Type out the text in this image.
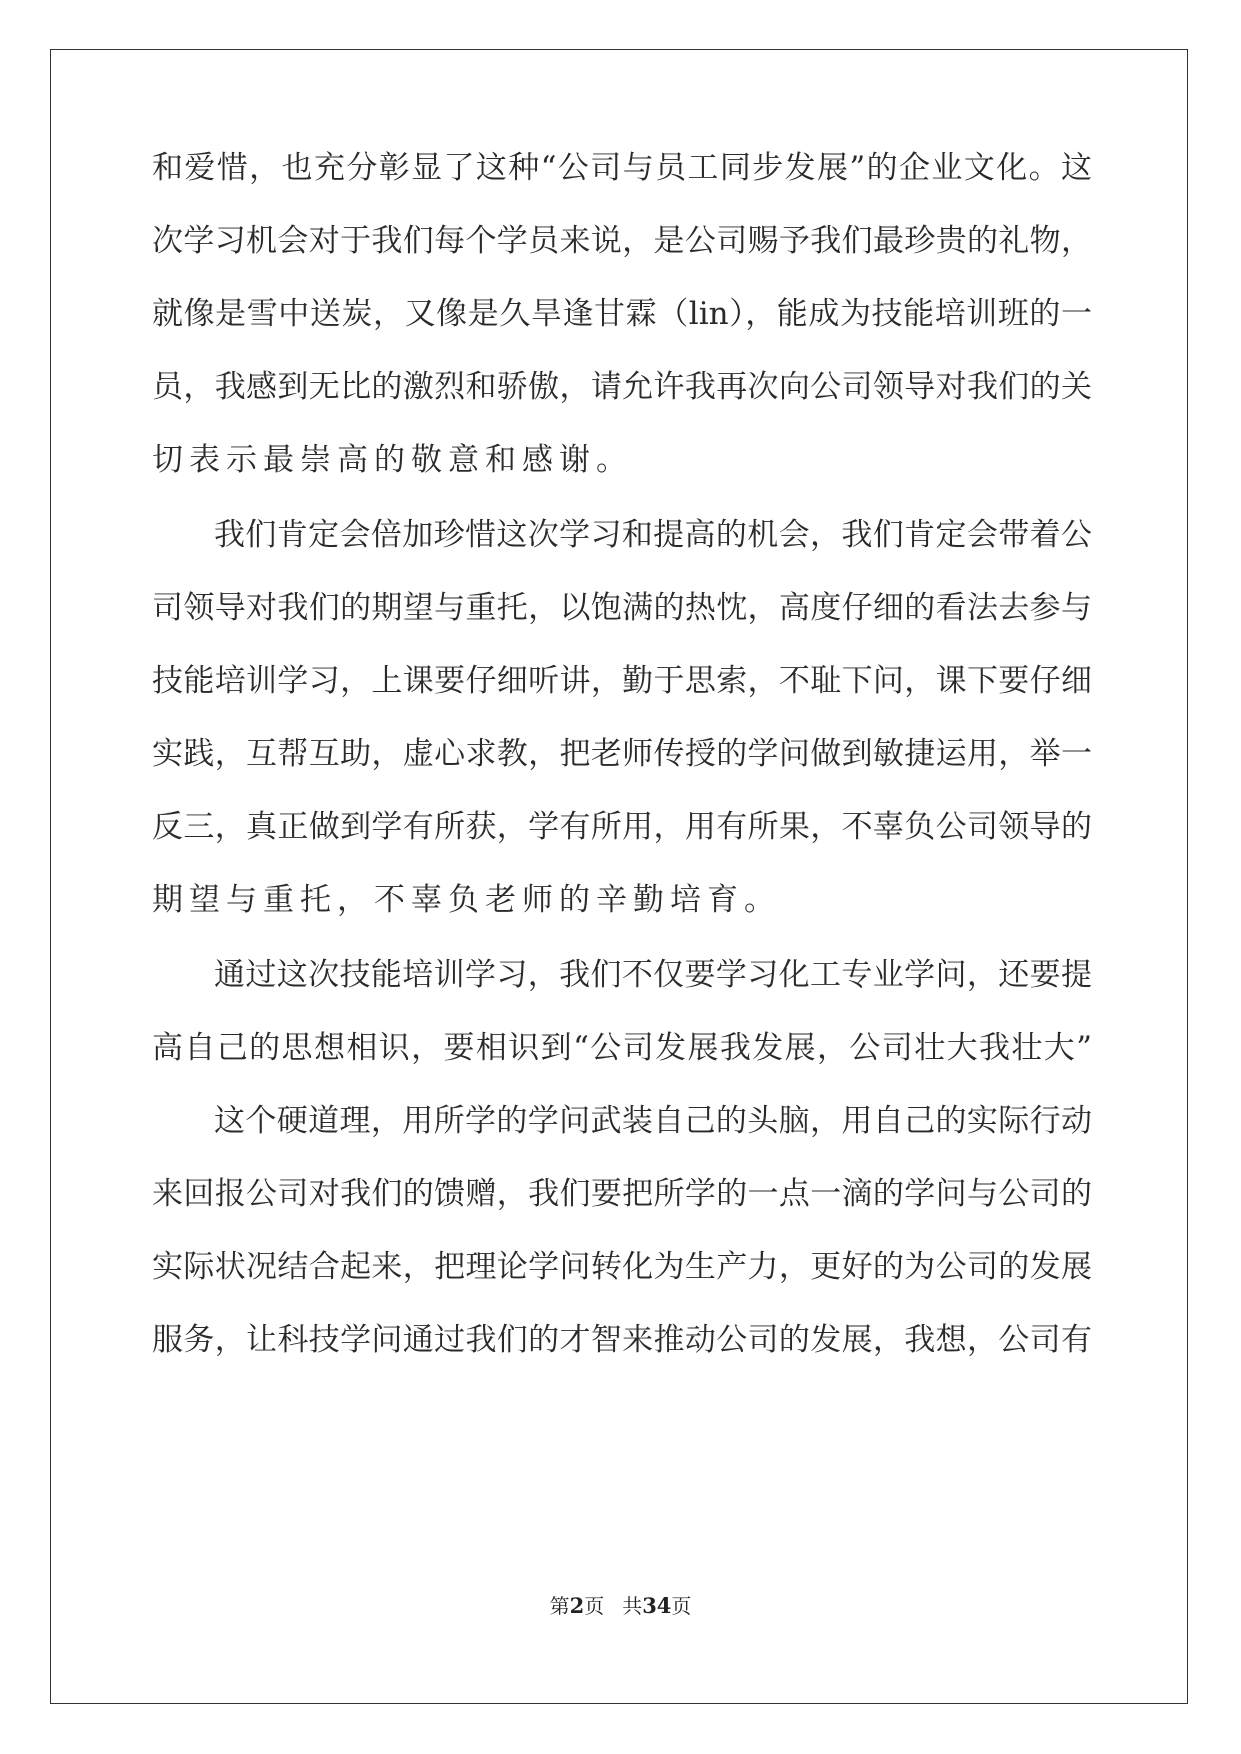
和爱惜，也充分彰显了这种“公司与员工同步发展”的企业文化。这
次学习机会对于我们每个学员来说，是公司赐予我们最珍贵的礼物，
就像是雪中送炭，又像是久旱逢甘霖（lin），能成为技能培训班的一
员，我感到无比的激烈和骄傲，请允许我再次向公司领导对我们的关
切表示最崇高的敬意和感谢。
我们肯定会倍加珍惜这次学习和提高的机会，我们肯定会带着公
司领导对我们的期望与重托，以饱满的热忱，高度仔细的看法去参与
技能培训学习，上课要仔细听讲，勤于思索，不耻下问，课下要仔细
实践，互帮互助，虚心求教，把老师传授的学问做到敏捷运用，举一
反三，真正做到学有所获，学有所用，用有所果，不辜负公司领导的
期望与重托，不辜负老师的辛勤培育。
通过这次技能培训学习，我们不仅要学习化工专业学问，还要提
高自己的思想相识，要相识到“公司发展我发展，公司壮大我壮大”
这个硬道理，用所学的学问武装自己的头脑，用自己的实际行动
来回报公司对我们的馈赠，我们要把所学的一点一滴的学问与公司的
实际状况结合起来，把理论学问转化为生产力，更好的为公司的发展
服务，让科技学问通过我们的才智来推动公司的发展，我想，公司有
第2页 共34页
